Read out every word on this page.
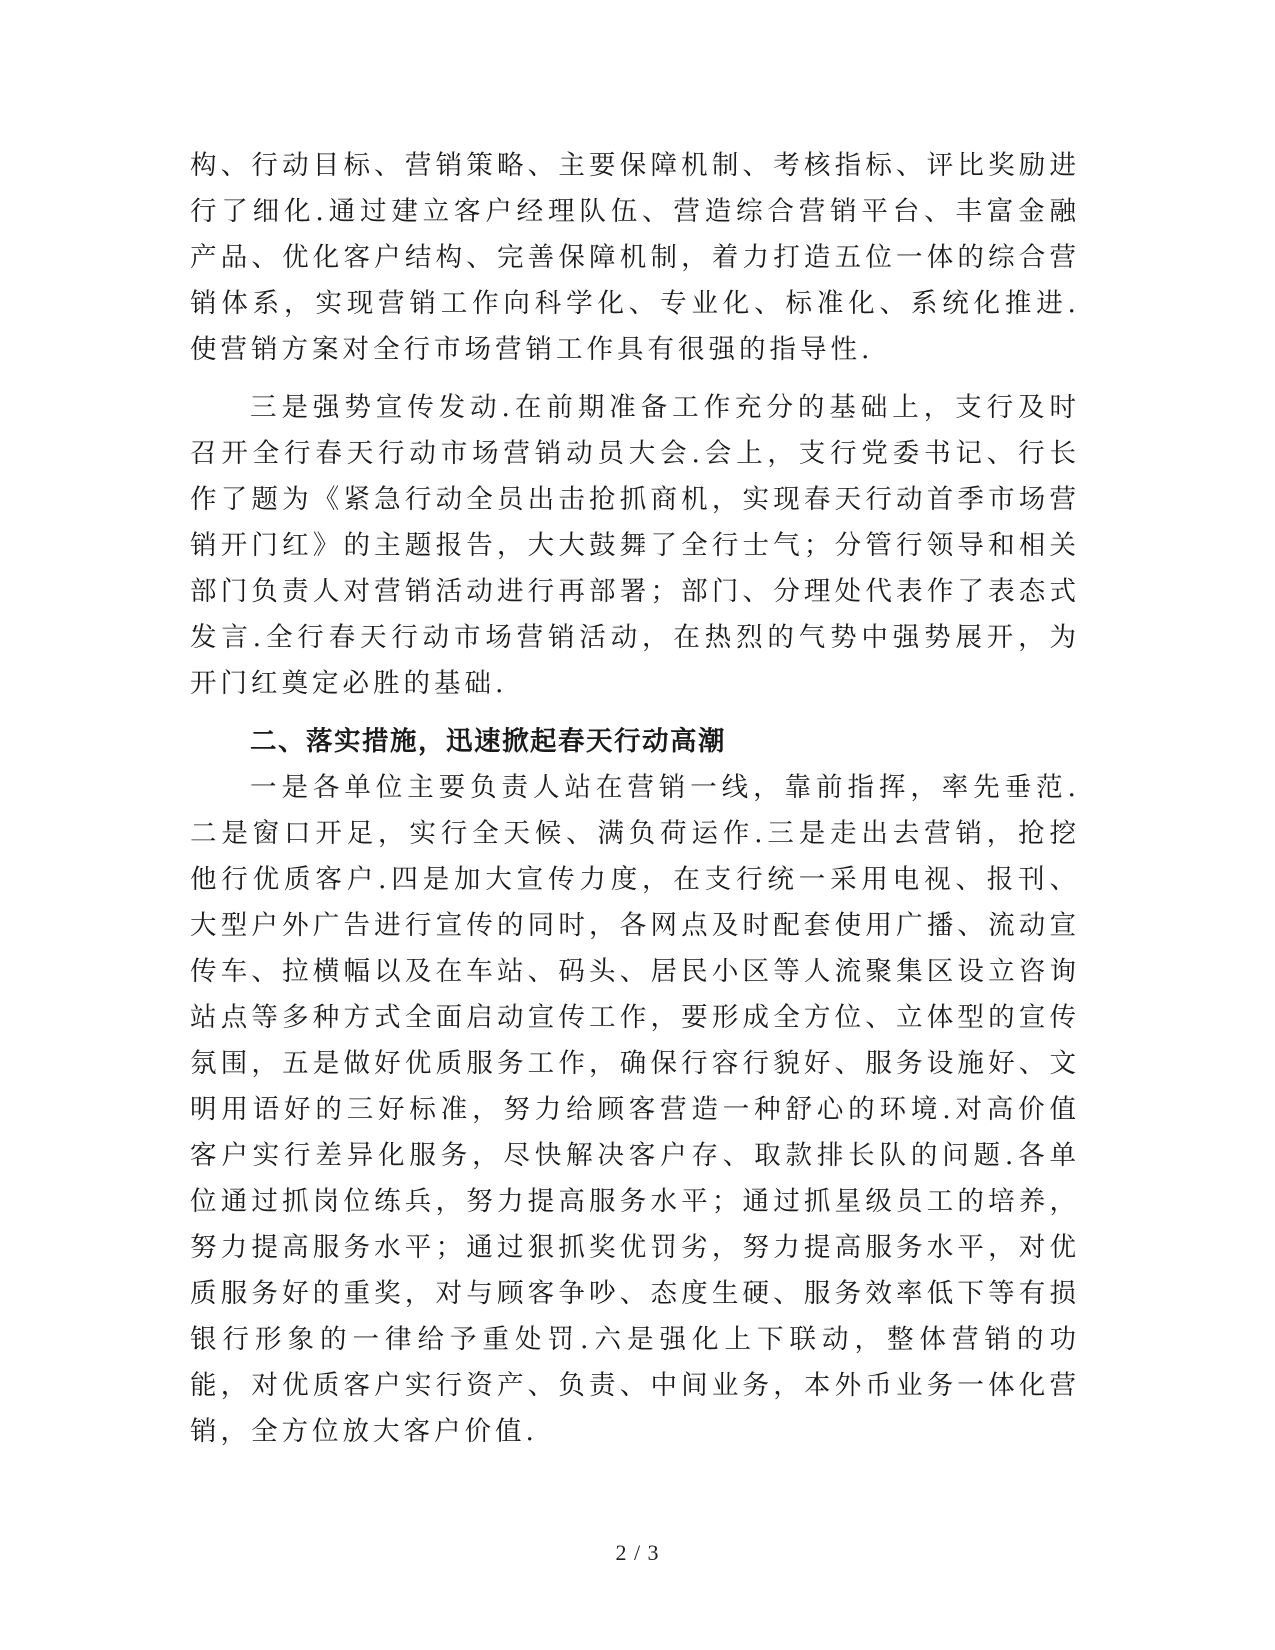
构、行动目标、营销策略、主要保障机制、考核指标、评比奖励进行了细化.通过建立客户经理队伍、营造综合营销平台、丰富金融产品、优化客户结构、完善保障机制，着力打造五位一体的综合营销体系，实现营销工作向科学化、专业化、标准化、系统化推进.使营销方案对全行市场营销工作具有很强的指导性.

三是强势宣传发动.在前期准备工作充分的基础上，支行及时召开全行春天行动市场营销动员大会.会上，支行党委书记、行长作了题为《紧急行动全员出击抢抓商机，实现春天行动首季市场营销开门红》的主题报告，大大鼓舞了全行士气；分管行领导和相关部门负责人对营销活动进行再部署；部门、分理处代表作了表态式发言.全行春天行动市场营销活动，在热烈的气势中强势展开，为开门红奠定必胜的基础.

二、落实措施，迅速掀起春天行动高潮

一是各单位主要负责人站在营销一线，靠前指挥，率先垂范.二是窗口开足，实行全天候、满负荷运作.三是走出去营销，抢挖他行优质客户.四是加大宣传力度，在支行统一采用电视、报刊、大型户外广告进行宣传的同时，各网点及时配套使用广播、流动宣传车、拉横幅以及在车站、码头、居民小区等人流聚集区设立咨询站点等多种方式全面启动宣传工作，要形成全方位、立体型的宣传氛围，五是做好优质服务工作，确保行容行貌好、服务设施好、文明用语好的三好标准，努力给顾客营造一种舒心的环境.对高价值客户实行差异化服务，尽快解决客户存、取款排长队的问题.各单位通过抓岗位练兵，努力提高服务水平；通过抓星级员工的培养，努力提高服务水平；通过狠抓奖优罚劣，努力提高服务水平，对优质服务好的重奖，对与顾客争吵、态度生硬、服务效率低下等有损银行形象的一律给予重处罚.六是强化上下联动，整体营销的功能，对优质客户实行资产、负责、中间业务，本外币业务一体化营销，全方位放大客户价值.

2 / 3
